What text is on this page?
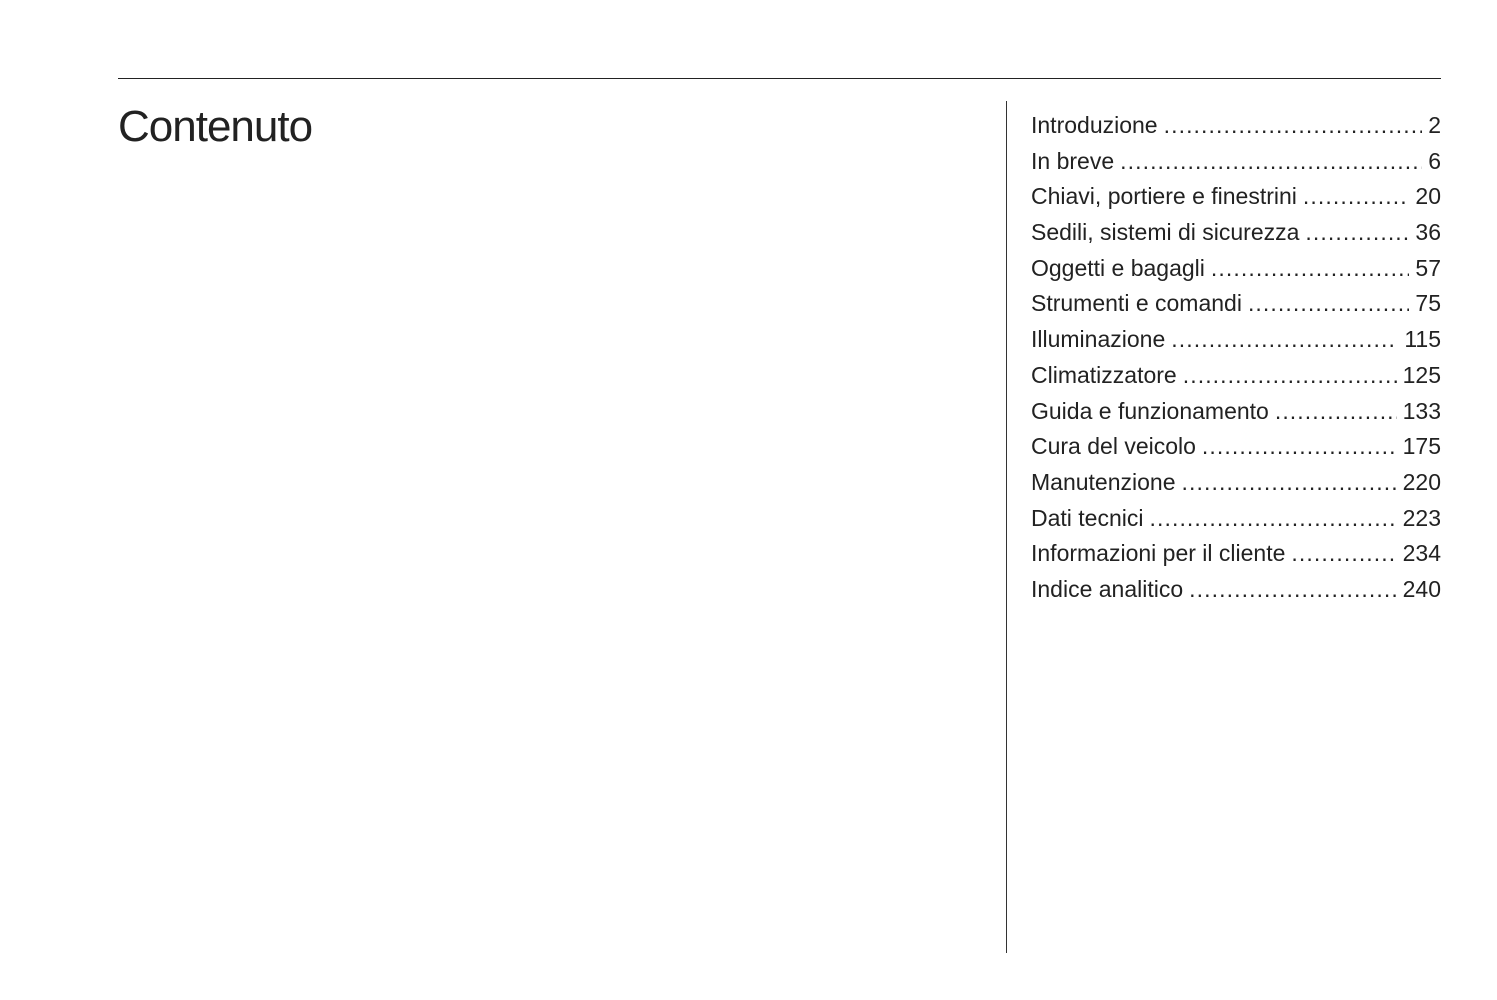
Contenuto	Introduzione .....	2
In breve .....	6
Chiavi, portiere e finestrini .....	20
Sedili, sistemi di sicurezza .....	36
Oggetti e bagagli .....	57
Strumenti e comandi .....	75
Illuminazione .....	115
Climatizzatore .....	125
Guida e funzionamento .....	133
Cura del veicolo .....	175
Manutenzione .....	220
Dati tecnici .....	223
Informazioni per il cliente .....	234
Indice analitico .....	240
